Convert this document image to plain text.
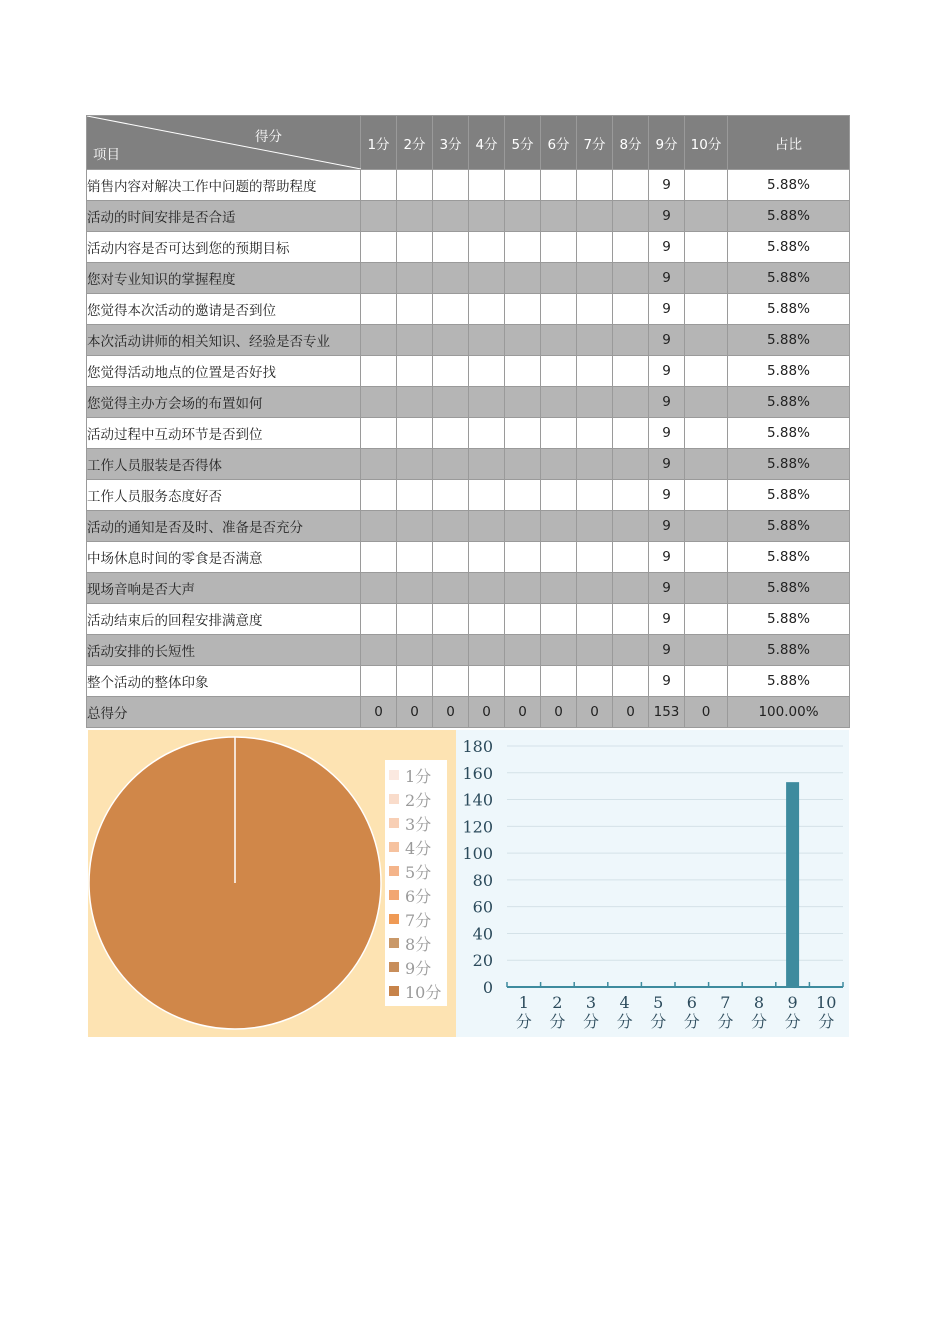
得分
项目	1分	2分	3分	4分	5分	6分	7分	8分	9分	10分	占比
销售内容对解决工作中问题的帮助程度									9		5.88%
活动的时间安排是否合适									9		5.88%
活动内容是否可达到您的预期目标									9		5.88%
您对专业知识的掌握程度									9		5.88%
您觉得本次活动的邀请是否到位									9		5.88%
本次活动讲师的相关知识、经验是否专业									9		5.88%
您觉得活动地点的位置是否好找									9		5.88%
您觉得主办方会场的布置如何									9		5.88%
活动过程中互动环节是否到位									9		5.88%
工作人员服装是否得体									9		5.88%
工作人员服务态度好否									9		5.88%
活动的通知是否及时、准备是否充分									9		5.88%
中场休息时间的零食是否满意									9		5.88%
现场音响是否大声									9		5.88%
活动结束后的回程安排满意度									9		5.88%
活动安排的长短性									9		5.88%
整个活动的整体印象									9		5.88%
总得分	0	0	0	0	0	0	0	0	153	0	100.00%
1分
2分
3分
4分
5分
6分
7分
8分
9分
10分	0
20
40
60
80
100
120
140
160
180
1 分
2 分
3 分
4 分
5 分
6 分
7 分
8 分
9 分
10 分
